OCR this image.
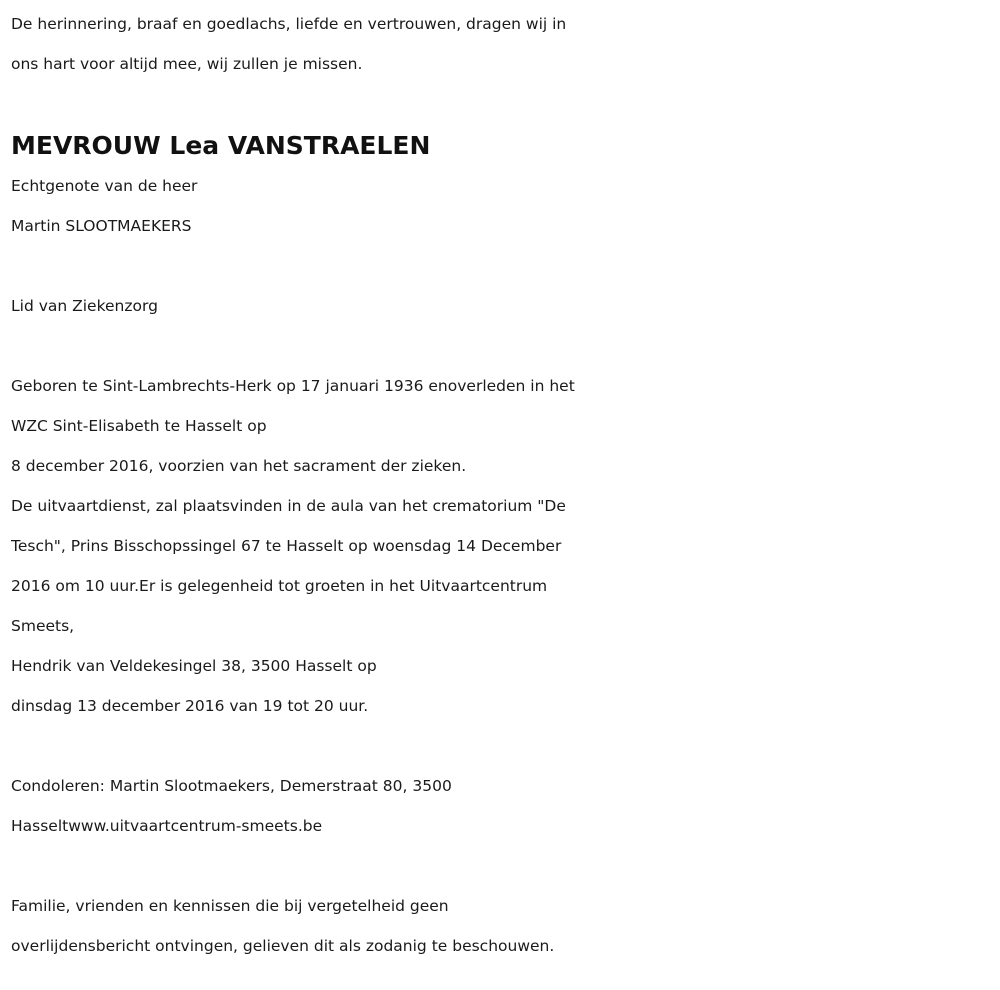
De herinnering, braaf en goedlachs, liefde en vertrouwen, dragen wij in
ons hart voor altijd mee, wij zullen je missen.
MEVROUW Lea VANSTRAELEN
Echtgenote van de heer
Martin SLOOTMAEKERS
Lid van Ziekenzorg
Geboren te Sint-Lambrechts-Herk op 17 januari 1936 enoverleden in het
WZC Sint-Elisabeth te Hasselt op
8 december 2016, voorzien van het sacrament der zieken.
De uitvaartdienst, zal plaatsvinden in de aula van het crematorium "De
Tesch", Prins Bisschopssingel 67 te Hasselt op woensdag 14 December
2016 om 10 uur.Er is gelegenheid tot groeten in het Uitvaartcentrum
Smeets,
Hendrik van Veldekesingel 38, 3500 Hasselt op
dinsdag 13 december 2016 van 19 tot 20 uur.
Condoleren: Martin Slootmaekers, Demerstraat 80, 3500
Hasseltwww.uitvaartcentrum-smeets.be
Familie, vrienden en kennissen die bij vergetelheid geen
overlijdensbericht ontvingen, gelieven dit als zodanig te beschouwen.
